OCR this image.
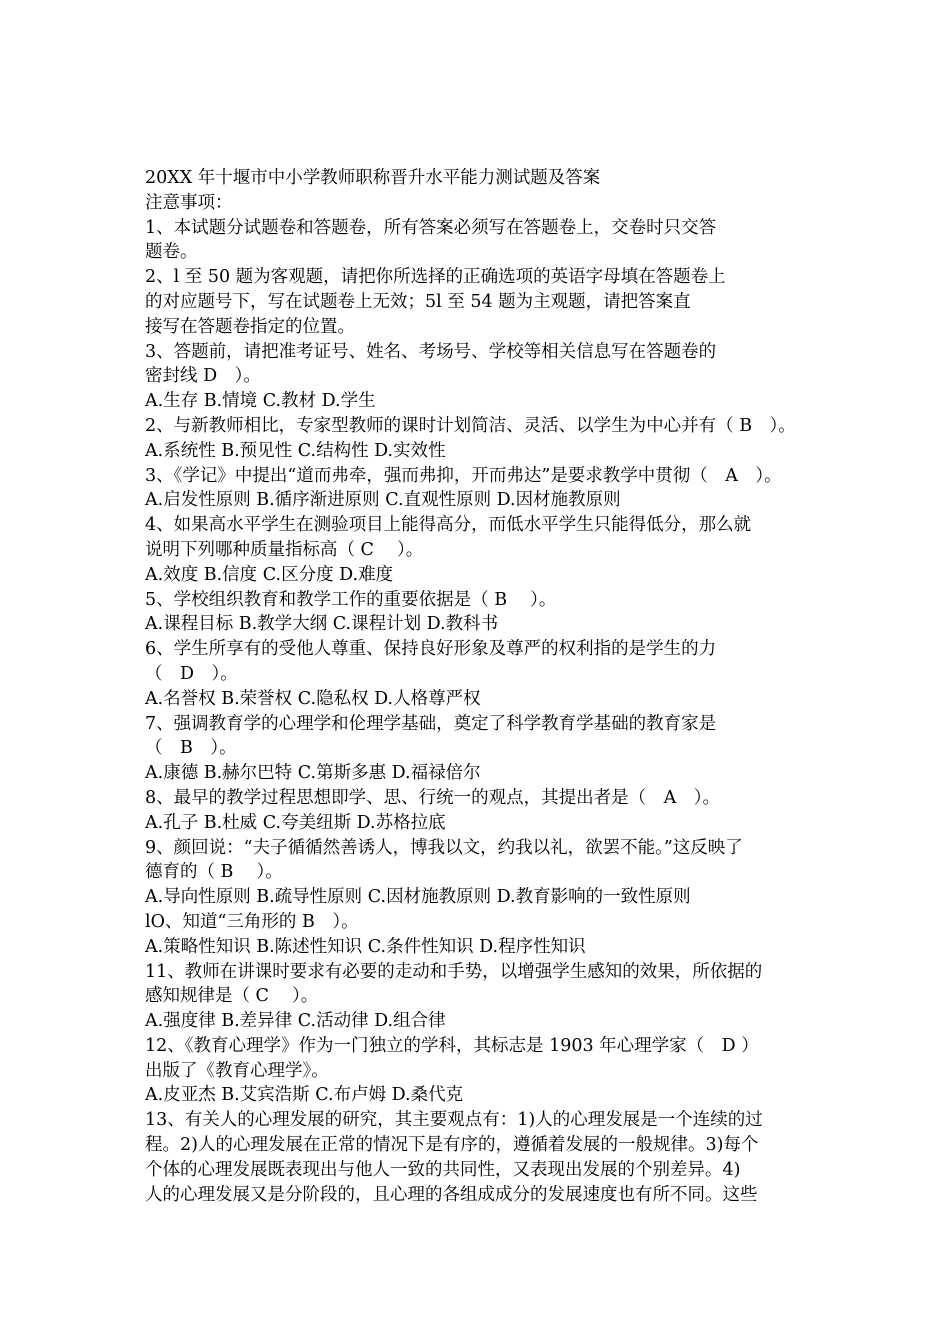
20XX 年十堰市中小学教师职称晋升水平能力测试题及答案
注意事项：
1、本试题分试题卷和答题卷，所有答案必须写在答题卷上，交卷时只交答
题卷。
2、l 至 50 题为客观题，请把你所选择的正确选项的英语字母填在答题卷上
的对应题号下，写在试题卷上无效；5l 至 54 题为主观题，请把答案直
接写在答题卷指定的位置。
3、答题前，请把准考证号、姓名、考场号、学校等相关信息写在答题卷的
密封线 D　）。
A.生存 B.情境 C.教材 D.学生
2、与新教师相比，专家型教师的课时计划简洁、灵活、以学生为中心并有（ B　）。
A.系统性 B.预见性 C.结构性 D.实效性
3、《学记》中提出“道而弗牵，强而弗抑，开而弗达”是要求教学中贯彻（　A　）。
A.启发性原则 B.循序渐进原则 C.直观性原则 D.因材施教原则
4、如果高水平学生在测验项目上能得高分，而低水平学生只能得低分，那么就
说明下列哪种质量指标高（ C　 ）。
A.效度 B.信度 C.区分度 D.难度
5、学校组织教育和教学工作的重要依据是（ B　 ）。
A.课程目标 B.教学大纲 C.课程计划 D.教科书
6、学生所享有的受他人尊重、保持良好形象及尊严的权利指的是学生的力
（　D　）。
A.名誉权 B.荣誉权 C.隐私权 D.人格尊严权
7、强调教育学的心理学和伦理学基础，奠定了科学教育学基础的教育家是
（　B　）。
A.康德 B.赫尔巴特 C.第斯多惠 D.福禄倍尔
8、最早的教学过程思想即学、思、行统一的观点，其提出者是（　A　）。
A.孔子 B.杜威 C.夸美纽斯 D.苏格拉底
9、颜回说：“夫子循循然善诱人，博我以文，约我以礼，欲罢不能。”这反映了
德育的（ B　 ）。
A.导向性原则 B.疏导性原则 C.因材施教原则 D.教育影响的一致性原则
lO、知道“三角形的 B　）。
A.策略性知识 B.陈述性知识 C.条件性知识 D.程序性知识
11、教师在讲课时要求有必要的走动和手势，以增强学生感知的效果，所依据的
感知规律是（ C　 ）。
A.强度律 B.差异律 C.活动律 D.组合律
12、《教育心理学》作为一门独立的学科，其标志是 1903 年心理学家（　D ）
出版了《教育心理学》。
A.皮亚杰 B.艾宾浩斯 C.布卢姆 D.桑代克
13、有关人的心理发展的研究，其主要观点有：1)人的心理发展是一个连续的过
程。2)人的心理发展在正常的情况下是有序的，遵循着发展的一般规律。3)每个
个体的心理发展既表现出与他人一致的共同性，又表现出发展的个别差异。4)
人的心理发展又是分阶段的，且心理的各组成成分的发展速度也有所不同。这些
